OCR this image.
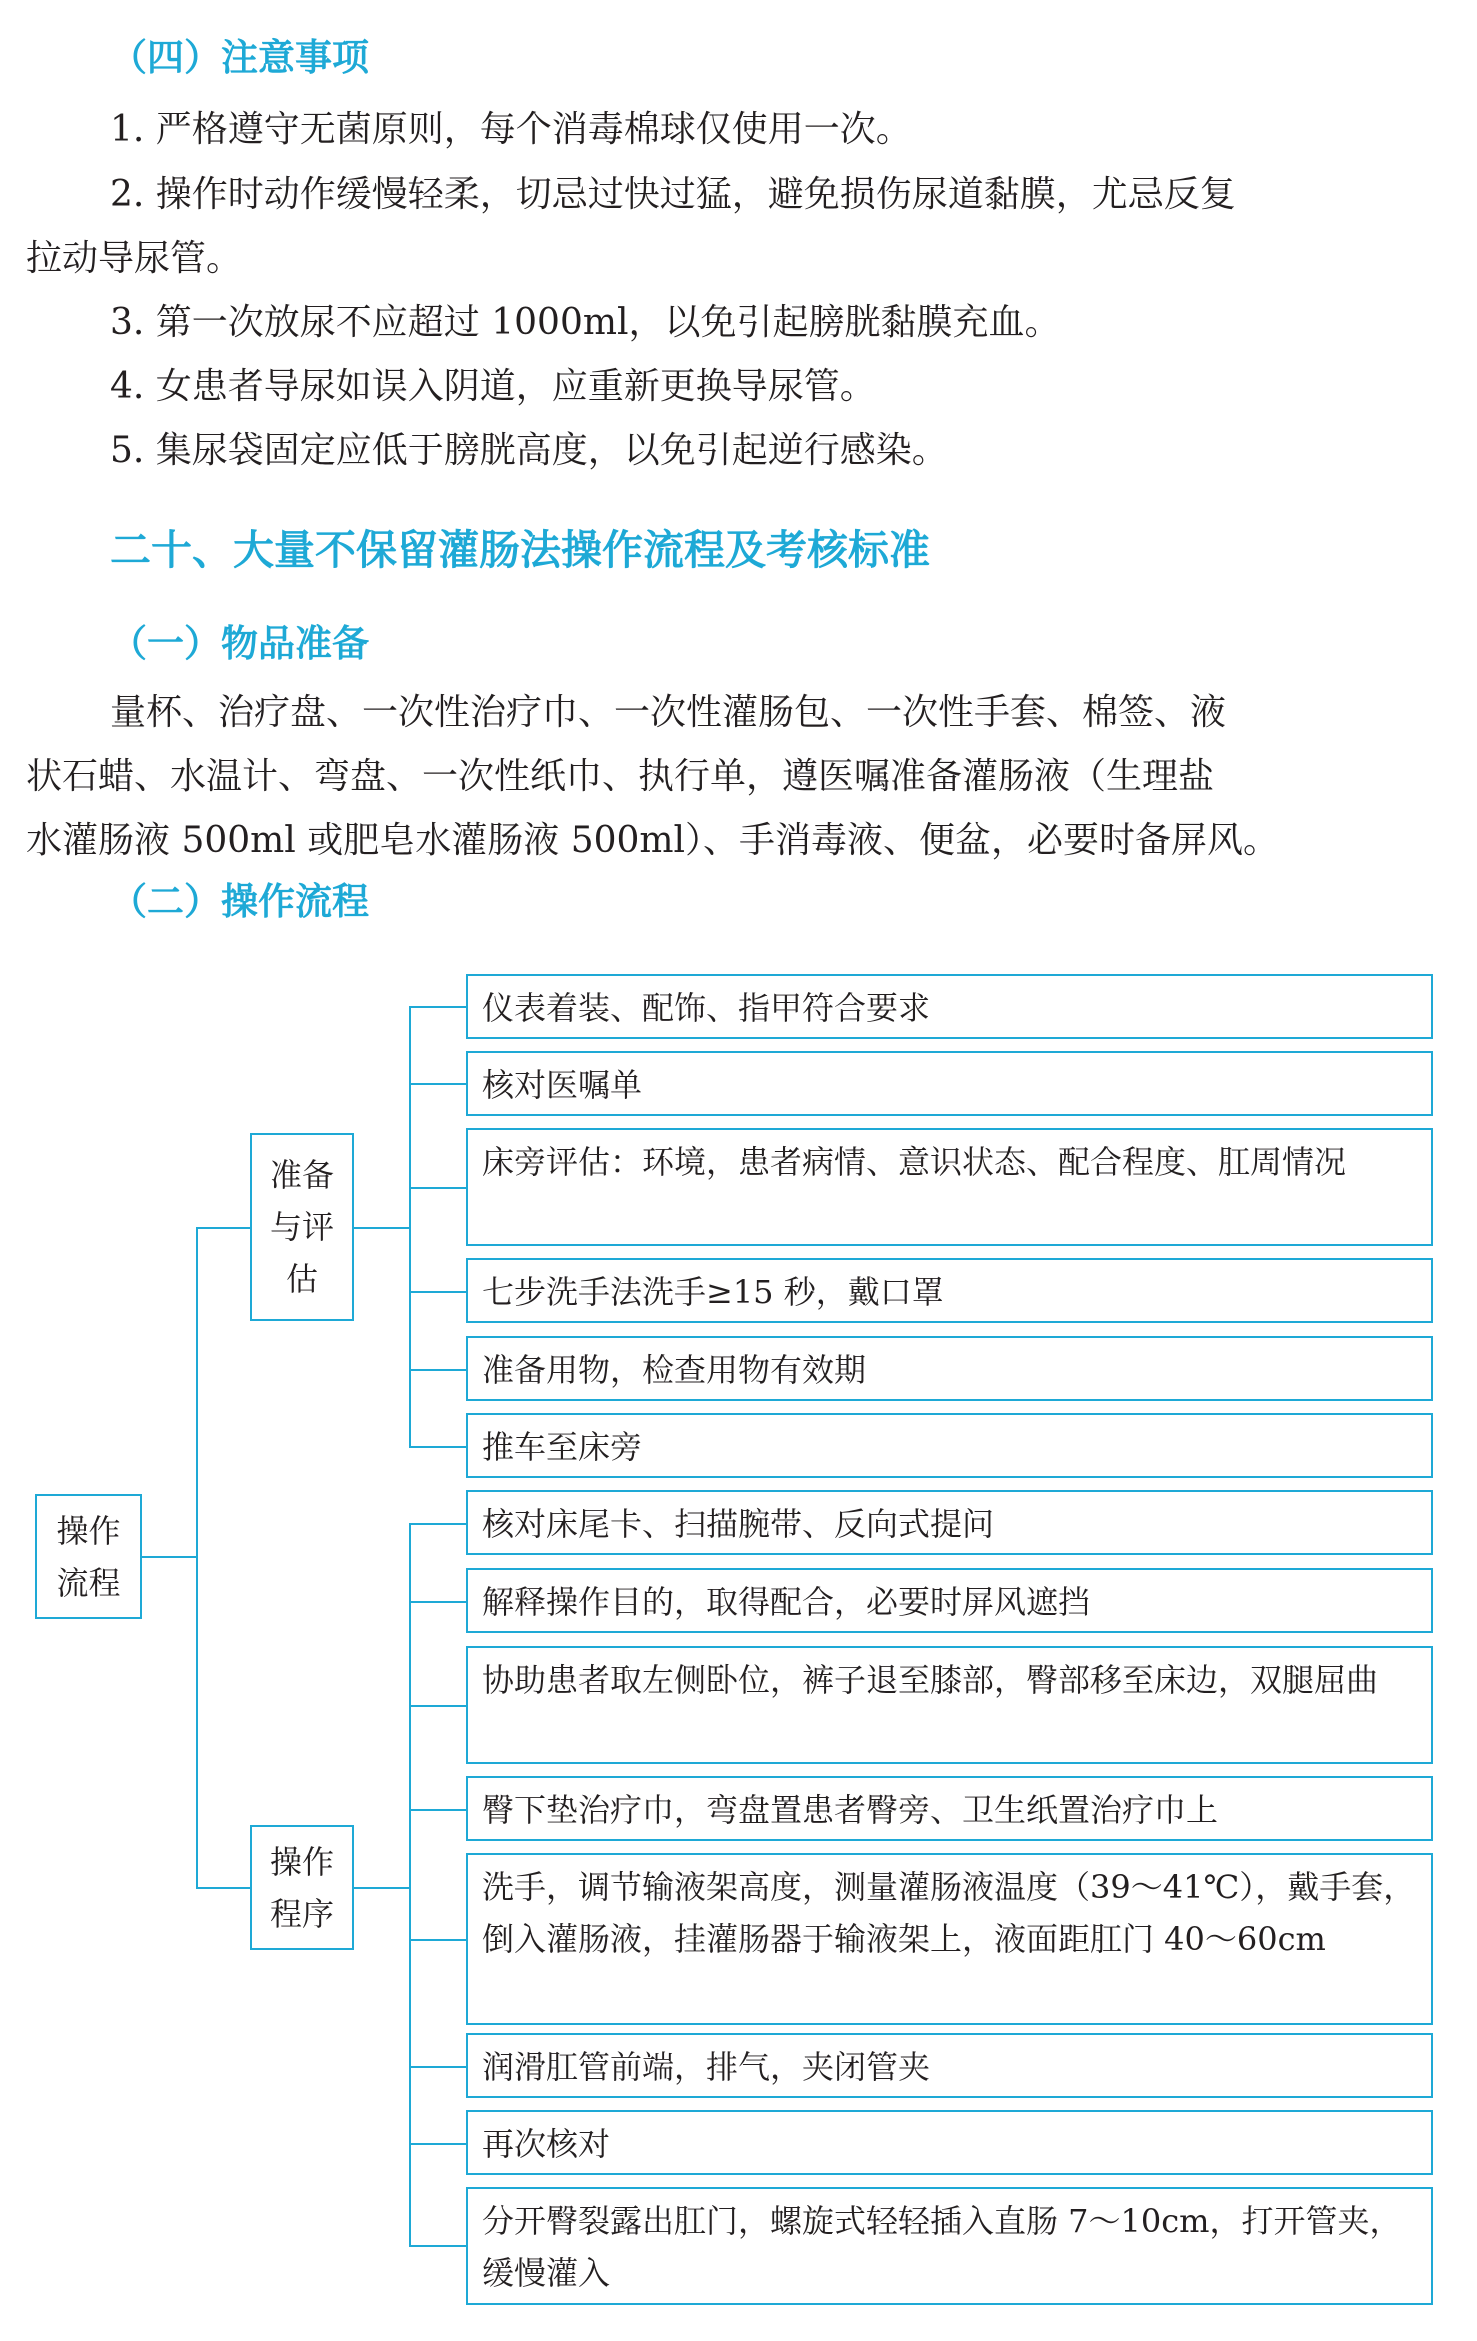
（四）注意事项
1. 严格遵守无菌原则，每个消毒棉球仅使用一次。
2. 操作时动作缓慢轻柔，切忌过快过猛，避免损伤尿道黏膜，尤忌反复
拉动导尿管。
3. 第一次放尿不应超过 1000ml，以免引起膀胱黏膜充血。
4. 女患者导尿如误入阴道，应重新更换导尿管。
5. 集尿袋固定应低于膀胱高度，以免引起逆行感染。
二十、大量不保留灌肠法操作流程及考核标准
（一）物品准备
量杯、治疗盘、一次性治疗巾、一次性灌肠包、一次性手套、棉签、液
状石蜡、水温计、弯盘、一次性纸巾、执行单，遵医嘱准备灌肠液（生理盐
水灌肠液 500ml 或肥皂水灌肠液 500ml）、手消毒液、便盆，必要时备屏风。
（二）操作流程
操作流程
准备与评估
仪表着装、配饰、指甲符合要求
核对医嘱单
床旁评估：环境，患者病情、意识状态、配合程度、肛周情况
七步洗手法洗手≥15 秒，戴口罩
准备用物，检查用物有效期
推车至床旁
操作程序
核对床尾卡、扫描腕带、反向式提问
解释操作目的，取得配合，必要时屏风遮挡
协助患者取左侧卧位，裤子退至膝部，臀部移至床边，双腿屈曲
臀下垫治疗巾，弯盘置患者臀旁、卫生纸置治疗巾上
洗手，调节输液架高度，测量灌肠液温度（39～41℃），戴手套，倒入灌肠液，挂灌肠器于输液架上，液面距肛门 40～60cm
润滑肛管前端，排气，夹闭管夹
再次核对
分开臀裂露出肛门，螺旋式轻轻插入直肠 7～10cm，打开管夹，缓慢灌入
